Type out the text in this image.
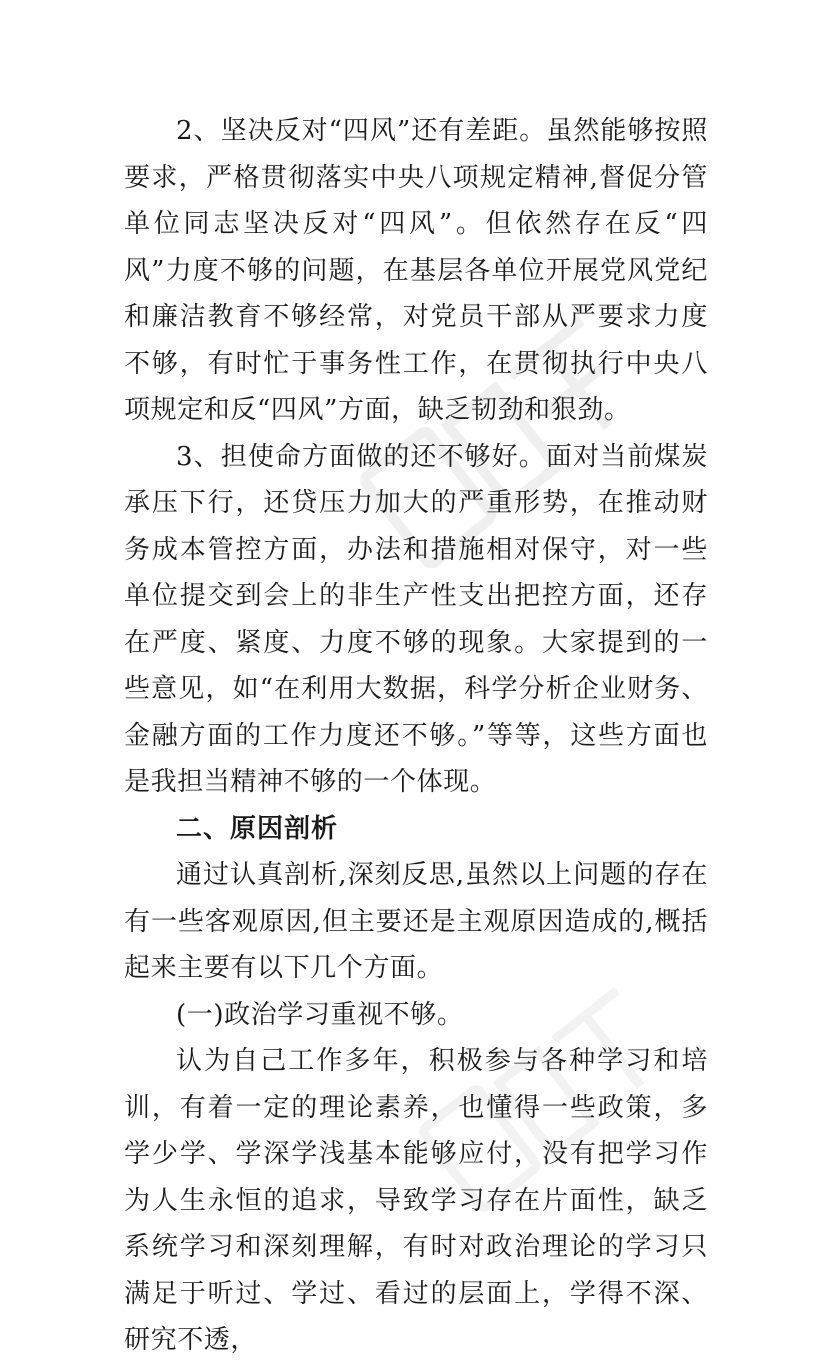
2、坚决反对“四风”还有差距。虽然能够按照要求，严格贯彻落实中央八项规定精神,督促分管单位同志坚决反对“四风”。但依然存在反“四风”力度不够的问题，在基层各单位开展党风党纪和廉洁教育不够经常，对党员干部从严要求力度不够，有时忙于事务性工作，在贯彻执行中央八项规定和反“四风”方面，缺乏韧劲和狠劲。

3、担使命方面做的还不够好。面对当前煤炭承压下行，还贷压力加大的严重形势，在推动财务成本管控方面，办法和措施相对保守，对一些单位提交到会上的非生产性支出把控方面，还存在严度、紧度、力度不够的现象。大家提到的一些意见，如“在利用大数据，科学分析企业财务、金融方面的工作力度还不够。”等等，这些方面也是我担当精神不够的一个体现。

二、原因剖析

通过认真剖析,深刻反思,虽然以上问题的存在有一些客观原因,但主要还是主观原因造成的,概括起来主要有以下几个方面。

(一)政治学习重视不够。

认为自己工作多年，积极参与各种学习和培训，有着一定的理论素养，也懂得一些政策，多学少学、学深学浅基本能够应付，没有把学习作为人生永恒的追求，导致学习存在片面性，缺乏系统学习和深刻理解，有时对政治理论的学习只满足于听过、学过、看过的层面上，学得不深、研究不透，
